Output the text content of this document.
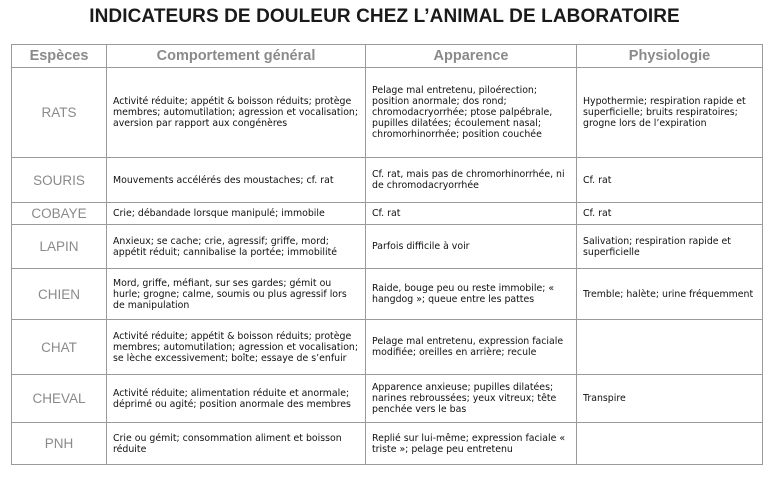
INDICATEURS DE DOULEUR CHEZ L’ANIMAL DE LABORATOIRE
Espèces	Comportement général	Apparence	Physiologie
RATS	Activité réduite; appétit & boisson réduits; protège membres; automutilation; agression et vocalisation; aversion par rapport aux congénères	Pelage mal entretenu, piloérection; position anormale; dos rond; chromodacryorrhée; ptose palpébrale, pupilles dilatées; écoulement nasal; chromorhinorrhée; position couchée	Hypothermie; respiration rapide et superficielle; bruits respiratoires; grogne lors de l’expiration
SOURIS	Mouvements accélérés des moustaches; cf. rat	Cf. rat, mais pas de chromorhinorrhée, ni de chromodacryorrhée	Cf. rat
COBAYE	Crie; débandade lorsque manipulé; immobile	Cf. rat	Cf. rat
LAPIN	Anxieux; se cache; crie, agressif; griffe, mord; appétit réduit; cannibalise la portée; immobilité	Parfois difficile à voir	Salivation; respiration rapide et superficielle
CHIEN	Mord, griffe, méfiant, sur ses gardes; gémit ou hurle; grogne; calme, soumis ou plus agressif lors de manipulation	Raide, bouge peu ou reste immobile; « hangdog »; queue entre les pattes	Tremble; halète; urine fréquemment
CHAT	Activité réduite; appétit & boisson réduits; protège membres; automutilation; agression et vocalisation; se lèche excessivement; boîte; essaye de s’enfuir	Pelage mal entretenu, expression faciale modifiée; oreilles en arrière; recule	
CHEVAL	Activité réduite; alimentation réduite et anormale; déprimé ou agité; position anormale des membres	Apparence anxieuse; pupilles dilatées; narines rebroussées; yeux vitreux; tête penchée vers le bas	Transpire
PNH	Crie ou gémit; consommation aliment et boisson réduite	Replié sur lui-même; expression faciale « triste »; pelage peu entretenu	
